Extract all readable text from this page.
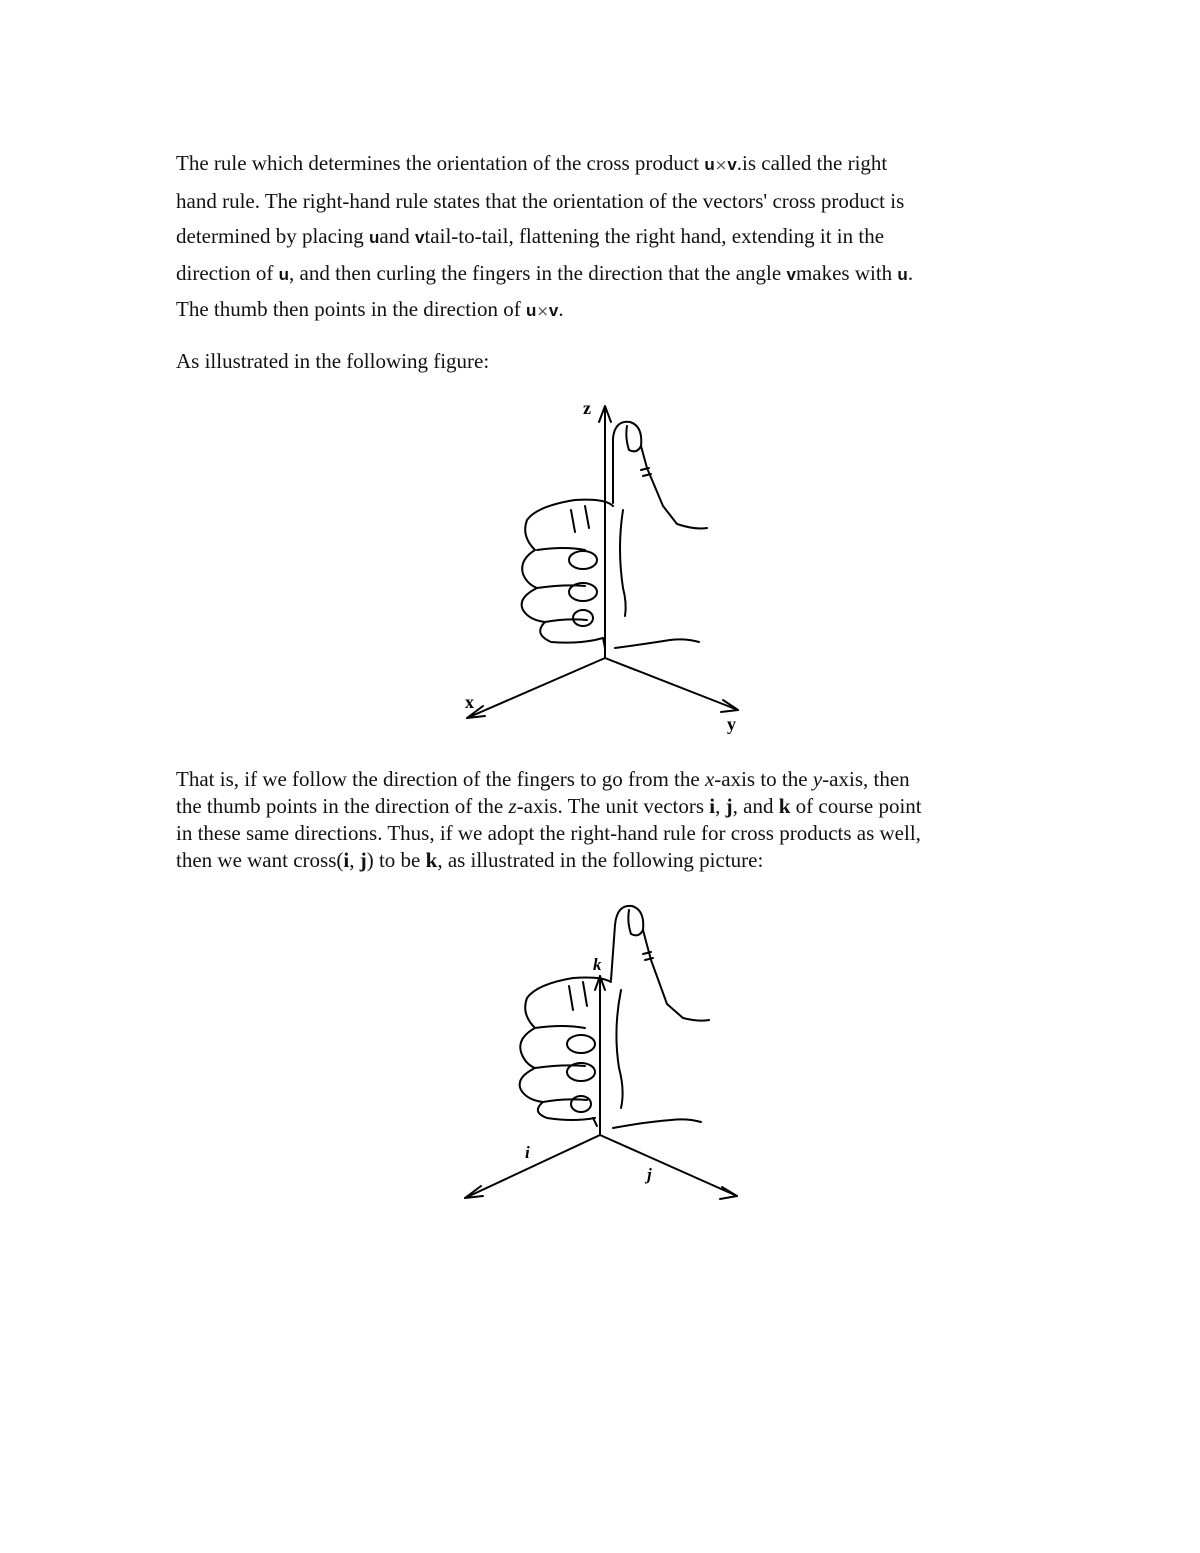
The rule which determines the orientation of the cross product u×v.is called the right
hand rule. The right-hand rule states that the orientation of the vectors' cross product is
determined by placing uand vtail-to-tail, flattening the right hand, extending it in the
direction of u, and then curling the fingers in the direction that the angle vmakes with u.
The thumb then points in the direction of u×v.
As illustrated in the following figure:
z
x
y
That is, if we follow the direction of the fingers to go from the x-axis to the y-axis, then
the thumb points in the direction of the z-axis. The unit vectors i, j, and k of course point
in these same directions. Thus, if we adopt the right-hand rule for cross products as well,
then we want cross(i, j) to be k, as illustrated in the following picture:
k
i
j
